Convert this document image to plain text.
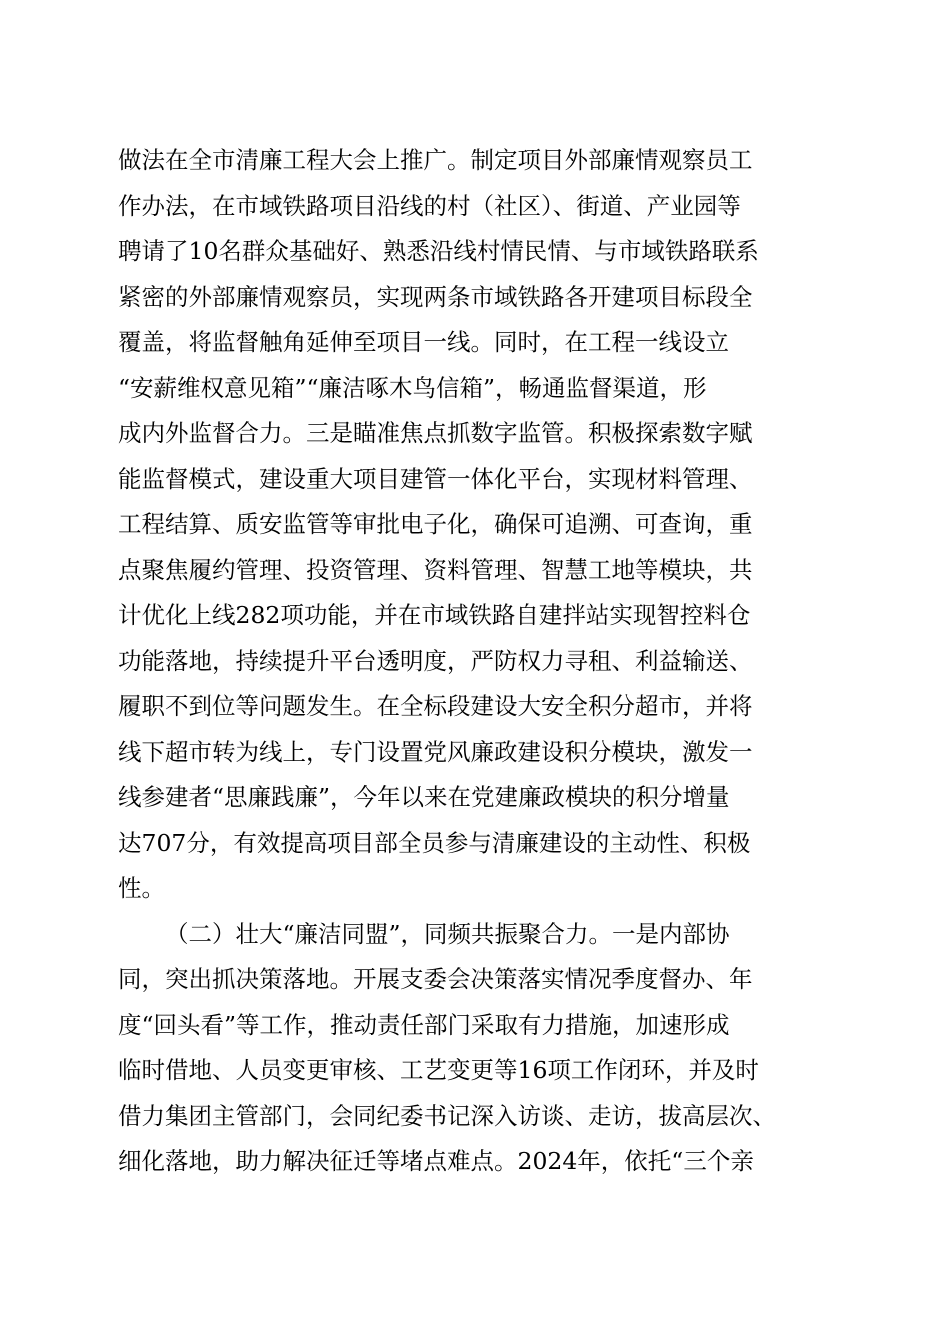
做法在全市清廉工程大会上推广。制定项目外部廉情观察员工
作办法，在市域铁路项目沿线的村（社区）、街道、产业园等
聘请了10名群众基础好、熟悉沿线村情民情、与市域铁路联系
紧密的外部廉情观察员，实现两条市域铁路各开建项目标段全
覆盖，将监督触角延伸至项目一线。同时，在工程一线设立
“安薪维权意见箱”“廉洁啄木鸟信箱”，畅通监督渠道，形
成内外监督合力。三是瞄准焦点抓数字监管。积极探索数字赋
能监督模式，建设重大项目建管一体化平台，实现材料管理、
工程结算、质安监管等审批电子化，确保可追溯、可查询，重
点聚焦履约管理、投资管理、资料管理、智慧工地等模块，共
计优化上线282项功能，并在市域铁路自建拌站实现智控料仓
功能落地，持续提升平台透明度，严防权力寻租、利益输送、
履职不到位等问题发生。在全标段建设大安全积分超市，并将
线下超市转为线上，专门设置党风廉政建设积分模块，激发一
线参建者“思廉践廉”，今年以来在党建廉政模块的积分增量
达707分，有效提高项目部全员参与清廉建设的主动性、积极
性。
（二）壮大“廉洁同盟”，同频共振聚合力。一是内部协
同，突出抓决策落地。开展支委会决策落实情况季度督办、年
度“回头看”等工作，推动责任部门采取有力措施，加速形成
临时借地、人员变更审核、工艺变更等16项工作闭环，并及时
借力集团主管部门，会同纪委书记深入访谈、走访，拔高层次、
细化落地，助力解决征迁等堵点难点。2024年，依托“三个亲
